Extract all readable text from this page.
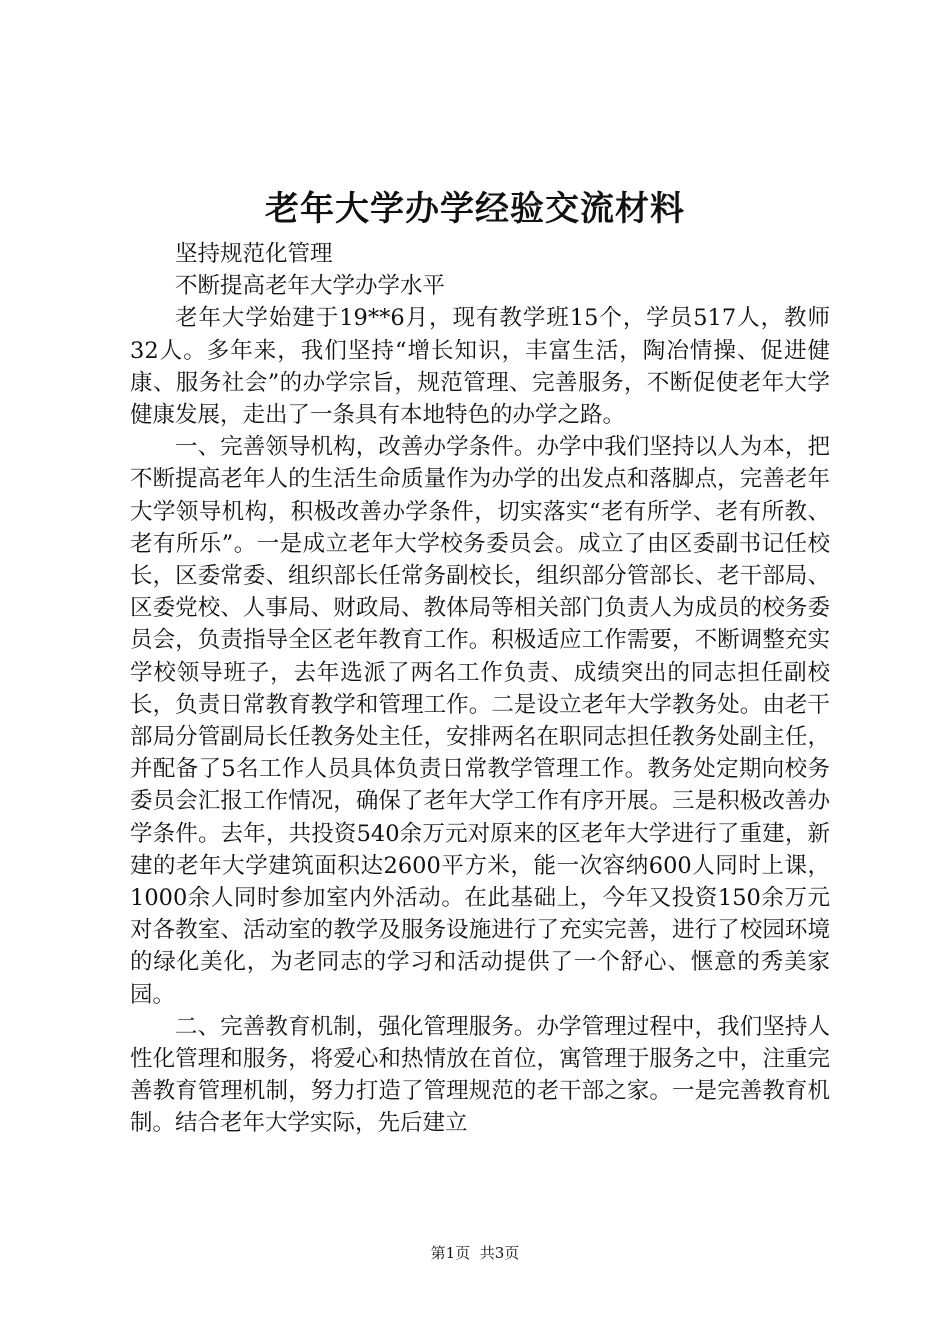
老年大学办学经验交流材料

坚持规范化管理

不断提高老年大学办学水平

老年大学始建于19**6月，现有教学班15个，学员517人，教师32人。多年来，我们坚持“增长知识，丰富生活，陶冶情操、促进健康、服务社会”的办学宗旨，规范管理、完善服务，不断促使老年大学健康发展，走出了一条具有本地特色的办学之路。

一、完善领导机构，改善办学条件。办学中我们坚持以人为本，把不断提高老年人的生活生命质量作为办学的出发点和落脚点，完善老年大学领导机构，积极改善办学条件，切实落实“老有所学、老有所教、老有所乐”。一是成立老年大学校务委员会。成立了由区委副书记任校长，区委常委、组织部长任常务副校长，组织部分管部长、老干部局、区委党校、人事局、财政局、教体局等相关部门负责人为成员的校务委员会，负责指导全区老年教育工作。积极适应工作需要，不断调整充实学校领导班子，去年选派了两名工作负责、成绩突出的同志担任副校长，负责日常教育教学和管理工作。二是设立老年大学教务处。由老干部局分管副局长任教务处主任，安排两名在职同志担任教务处副主任，并配备了5名工作人员具体负责日常教学管理工作。教务处定期向校务委员会汇报工作情况，确保了老年大学工作有序开展。三是积极改善办学条件。去年，共投资540余万元对原来的区老年大学进行了重建，新建的老年大学建筑面积达2600平方米，能一次容纳600人同时上课，1000余人同时参加室内外活动。在此基础上，今年又投资150余万元对各教室、活动室的教学及服务设施进行了充实完善，进行了校园环境的绿化美化，为老同志的学习和活动提供了一个舒心、惬意的秀美家园。

二、完善教育机制，强化管理服务。办学管理过程中，我们坚持人性化管理和服务，将爱心和热情放在首位，寓管理于服务之中，注重完善教育管理机制，努力打造了管理规范的老干部之家。一是完善教育机制。结合老年大学实际，先后建立

第1页 共3页
